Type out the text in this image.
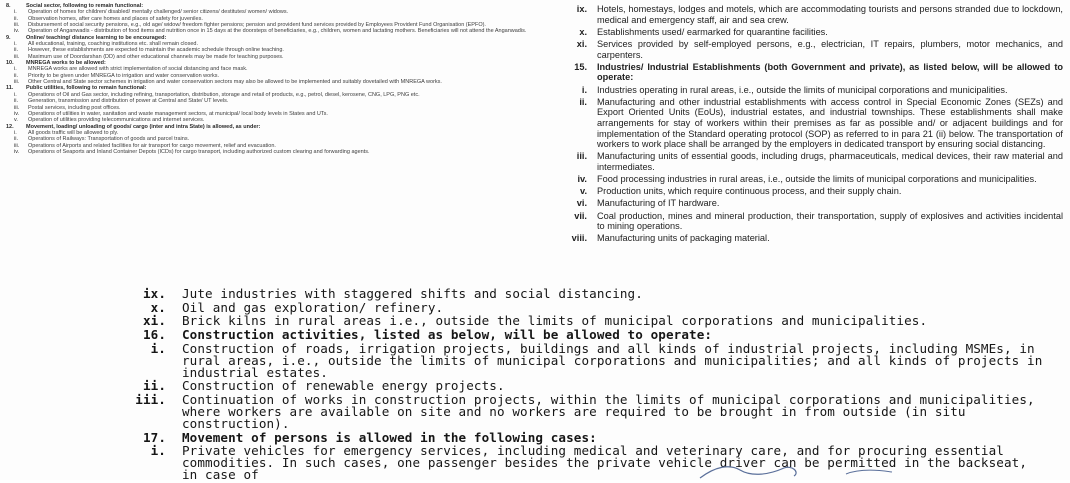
8.	Social sector, following to remain functional:
i.	Operation of homes for children/ disabled/ mentally challenged/ senior citizens/ destitutes/ women/ widows.
ii.	Observation homes, after care homes and places of safety for juveniles.
iii.	Disbursement of social security pensions, e.g., old age/ widow/ freedom fighter pensions; pension and provident fund services provided by Employees Provident Fund Organisation (EPFO).
iv.	Operation of Anganwadis - distribution of food items and nutrition once in 15 days at the doorsteps of beneficiaries, e.g., children, women and lactating mothers. Beneficiaries will not attend the Anganwadis.
9.	Online/ teaching/ distance learning to be encouraged:
i.	All educational, training, coaching institutions etc. shall remain closed.
ii.	However, these establishments are expected to maintain the academic schedule through online teaching.
iii.	Maximum use of Doordarshan (DD) and other educational channels may be made for teaching purposes.
10.	MNREGA works to be allowed:
i.	MNREGA works are allowed with strict implementation of social distancing and face mask.
ii.	Priority to be given under MNREGA to irrigation and water conservation works.
iii.	Other Central and State sector schemes in irrigation and water conservation sectors may also be allowed to be implemented and suitably dovetailed with MNREGA works.
11.	Public utilities, following to remain functional:
i.	Operations of Oil and Gas sector, including refining, transportation, distribution, storage and retail of products, e.g., petrol, diesel, kerosene, CNG, LPG, PNG etc.
ii.	Generation, transmission and distribution of power at Central and State/ UT levels.
iii.	Postal services, including post offices.
iv.	Operations of utilities in water, sanitation and waste management sectors, at municipal/ local body levels in States and UTs.
v.	Operation of utilities providing telecommunications and internet services.
12.	Movement, loading/ unloading of goods/ cargo (inter and intra State) is allowed, as under:
i.	All goods traffic will be allowed to ply.
ii.	Operations of Railways: Transportation of goods and parcel trains.
iii.	Operations of Airports and related facilities for air transport for cargo movement, relief and evacuation.
iv.	Operations of Seaports and Inland Container Depots (ICDs) for cargo transport, including authorized custom clearing and forwarding agents.
ix.	Hotels, homestays, lodges and motels, which are accommodating tourists and persons stranded due to lockdown, medical and emergency staff, air and sea crew.
x.	Establishments used/ earmarked for quarantine facilities.
xi.	Services provided by self-employed persons, e.g., electrician, IT repairs, plumbers, motor mechanics, and carpenters.
15.	Industries/ Industrial Establishments (both Government and private), as listed below, will be allowed to operate:
i.	Industries operating in rural areas, i.e., outside the limits of municipal corporations and municipalities.
ii.	Manufacturing and other industrial establishments with access control in Special Economic Zones (SEZs) and Export Oriented Units (EoUs), industrial estates, and industrial townships. These establishments shall make arrangements for stay of workers within their premises as far as possible and/ or adjacent buildings and for implementation of the Standard operating protocol (SOP) as referred to in para 21 (ii) below. The transportation of workers to work place shall be arranged by the employers in dedicated transport by ensuring social distancing.
iii.	Manufacturing units of essential goods, including drugs, pharmaceuticals, medical devices, their raw material and intermediates.
iv.	Food processing industries in rural areas, i.e., outside the limits of municipal corporations and municipalities.
v.	Production units, which require continuous process, and their supply chain.
vi.	Manufacturing of IT hardware.
vii.	Coal production, mines and mineral production, their transportation, supply of explosives and activities incidental to mining operations.
viii.	Manufacturing units of packaging material.
ix.	Jute industries with staggered shifts and social distancing.
x.	Oil and gas exploration/ refinery.
xi.	Brick kilns in rural areas i.e., outside the limits of municipal corporations and municipalities.
16.	Construction activities, listed as below, will be allowed to operate:
i.	Construction of roads, irrigation projects, buildings and all kinds of industrial projects, including MSMEs, in rural areas, i.e., outside the limits of municipal corporations and municipalities; and all kinds of projects in industrial estates.
ii.	Construction of renewable energy projects.
iii.	Continuation of works in construction projects, within the limits of municipal corporations and municipalities, where workers are available on site and no workers are required to be brought in from outside (in situ construction).
17.	Movement of persons is allowed in the following cases:
i.	Private vehicles for emergency services, including medical and veterinary care, and for procuring essential commodities. In such cases, one passenger besides the private vehicle driver can be permitted in the backseat, in case of
